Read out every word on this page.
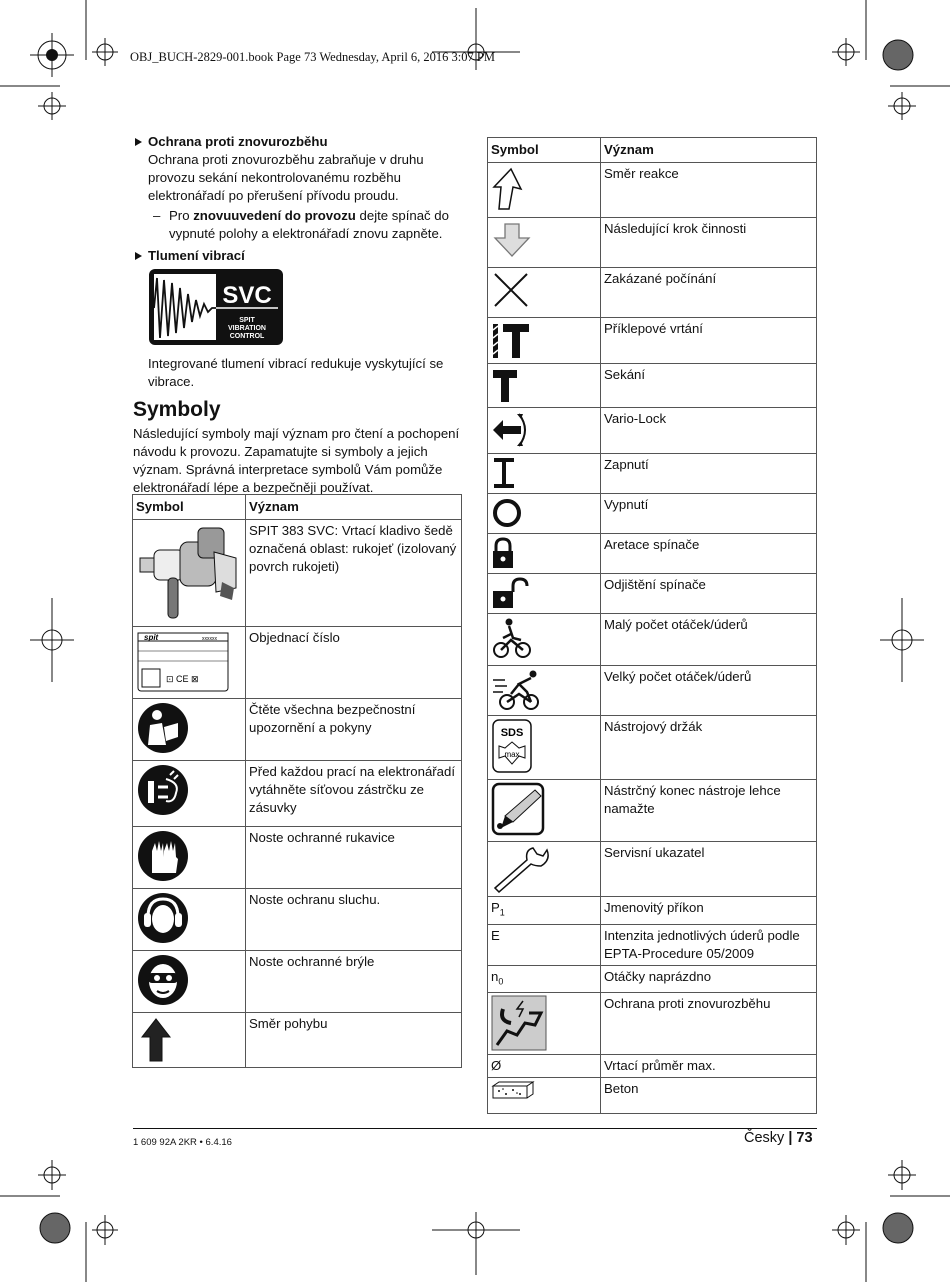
OBJ_BUCH-2829-001.book Page 73 Wednesday, April 6, 2016 3:07 PM
Ochrana proti znovurozběhu
Ochrana proti znovurozběhu zabraňuje v druhu provozu sekání nekontrolovanému rozběhu elektronářadí po přerušení přívodu proudu.
– Pro znovuuvedení do provozu dejte spínač do vypnuté polohy a elektronářadí znovu zapněte.
Tlumení vibrací
SVC
SPIT
VIBRATION
CONTROL
Integrované tlumení vibrací redukuje vyskytující se vibrace.
Symboly
Následující symboly mají význam pro čtení a pochopení návodu k provozu. Zapamatujte si symboly a jejich význam. Správná interpretace symbolů Vám pomůže elektronářadí lépe a bezpečněji používat.
Symbol	Význam

	SPIT 383 SVC: Vrtací kladivo šedě označená oblast: rukojeť (izolovaný povrch rukojeti)

spit xxxxxx
⊡ CE ⊠	Objednací číslo

	Čtěte všechna bezpečnostní upozornění a pokyny

	Před každou prací na elektronářadí vytáhněte síťovou zástrčku ze zásuvky

	Noste ochranné rukavice

	Noste ochranu sluchu.

	Noste ochranné brýle

	Směr pohybu
Symbol	Význam

	Směr reakce

	Následující krok činnosti

	Zakázané počínání

	Příklepové vrtání

	Sekání

	Vario-Lock

	Zapnutí

	Vypnutí

	Aretace spínače

	Odjištění spínače

	Malý počet otáček/úderů

	Velký počet otáček/úderů

SDS
max	Nástrojový držák

	Nástrčný konec nástroje lehce namažte

	Servisní ukazatel
$P_1$	Jmenovitý příkon
E	Intenzita jednotlivých úderů podle EPTA-Procedure 05/2009
$n_0$	Otáčky naprázdno

	Ochrana proti znovurozběhu
Ø	Vrtací průměr max.

	Beton
1 609 92A 2KR • 6.4.16	Česky | 73
